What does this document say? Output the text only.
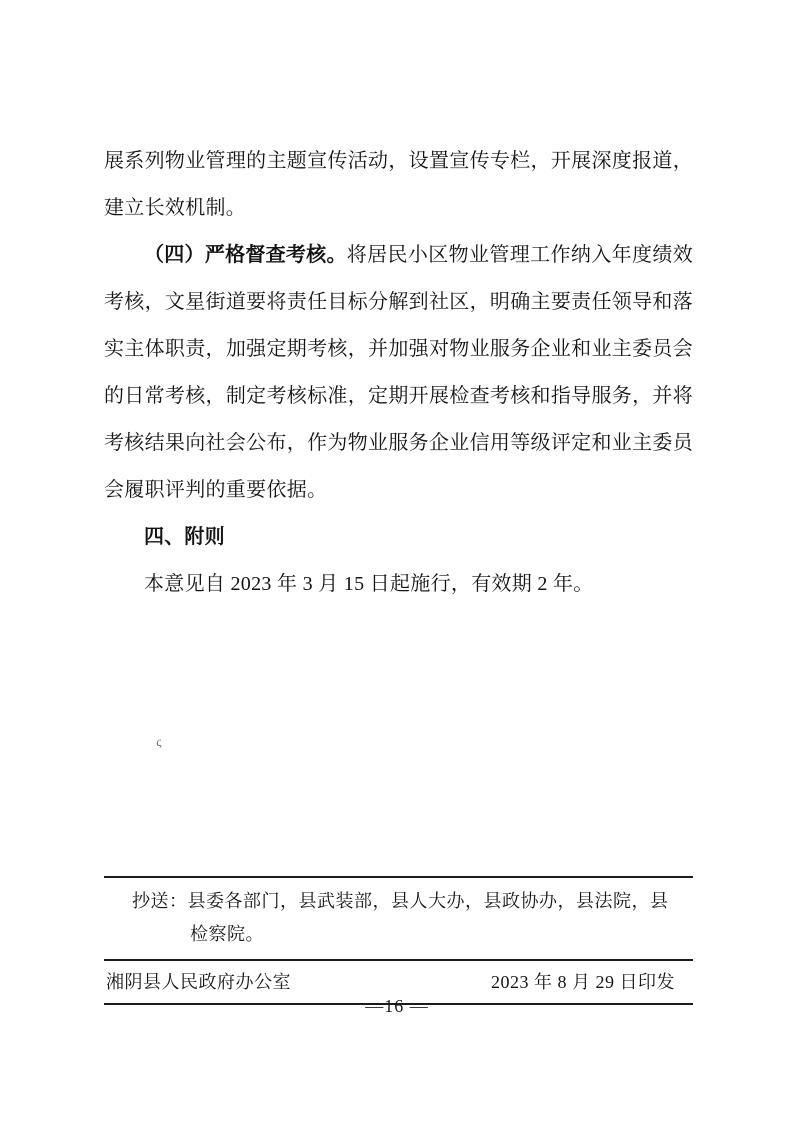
展系列物业管理的主题宣传活动，设置宣传专栏，开展深度报道，建立长效机制。

（四）严格督查考核。将居民小区物业管理工作纳入年度绩效考核，文星街道要将责任目标分解到社区，明确主要责任领导和落实主体职责，加强定期考核，并加强对物业服务企业和业主委员会的日常考核，制定考核标准，定期开展检查考核和指导服务，并将考核结果向社会公布，作为物业服务企业信用等级评定和业主委员会履职评判的重要依据。

四、附则

本意见自 2023 年 3 月 15 日起施行，有效期 2 年。

ς
抄送：县委各部门，县武装部，县人大办，县政协办，县法院，县
检察院。
湘阴县人民政府办公室	2023 年 8 月 29 日印发
—16 —
